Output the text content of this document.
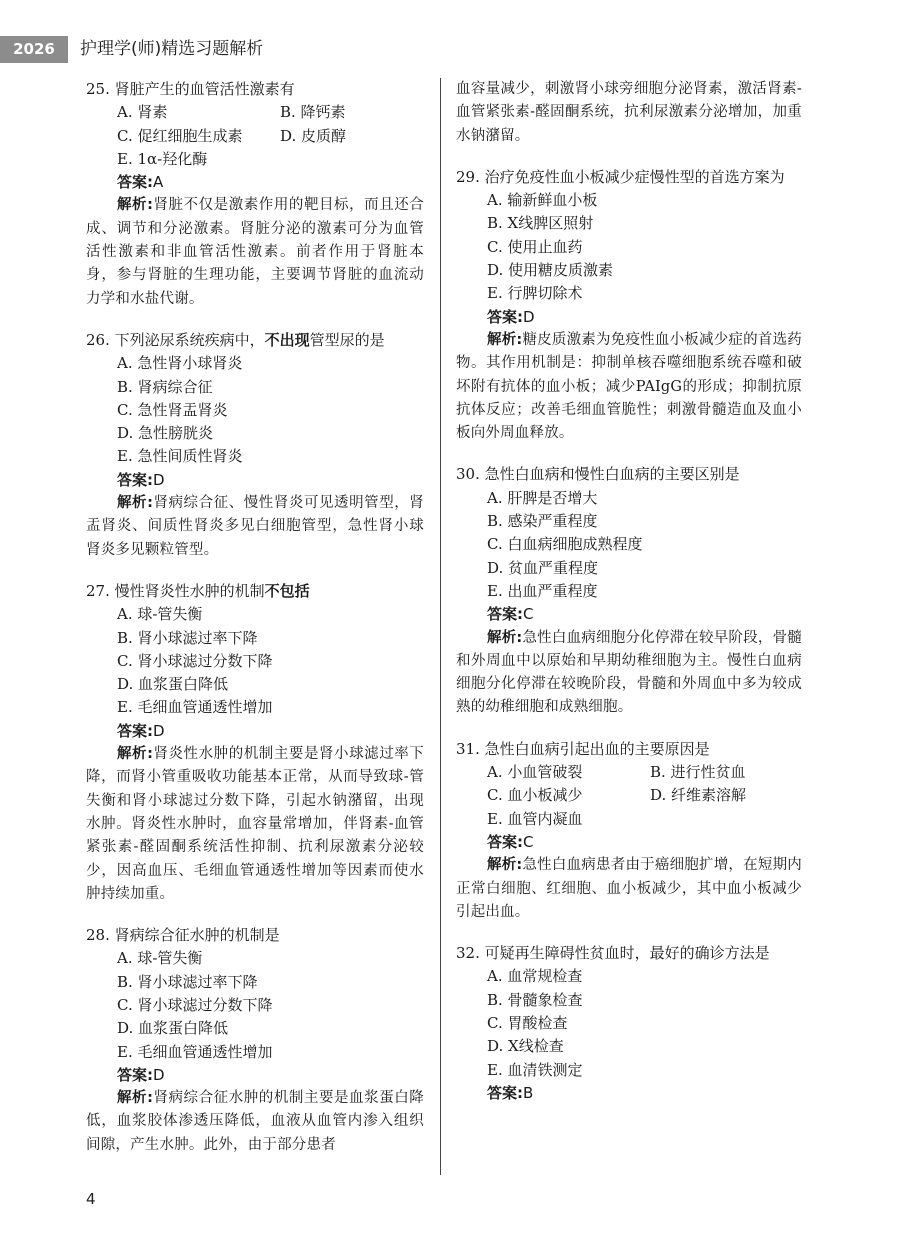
2026	护理学(师)精选习题解析
25. 肾脏产生的血管活性激素有
A. 肾素	B. 降钙素
C. 促红细胞生成素	D. 皮质醇
E. 1α-羟化酶
答案:A
解析:肾脏不仅是激素作用的靶目标，而且还合成、调节和分泌激素。肾脏分泌的激素可分为血管活性激素和非血管活性激素。前者作用于肾脏本身，参与肾脏的生理功能，主要调节肾脏的血流动力学和水盐代谢。
26. 下列泌尿系统疾病中，不出现管型尿的是
A. 急性肾小球肾炎
B. 肾病综合征
C. 急性肾盂肾炎
D. 急性膀胱炎
E. 急性间质性肾炎
答案:D
解析:肾病综合征、慢性肾炎可见透明管型，肾盂肾炎、间质性肾炎多见白细胞管型，急性肾小球肾炎多见颗粒管型。
27. 慢性肾炎性水肿的机制不包括
A. 球-管失衡
B. 肾小球滤过率下降
C. 肾小球滤过分数下降
D. 血浆蛋白降低
E. 毛细血管通透性增加
答案:D
解析:肾炎性水肿的机制主要是肾小球滤过率下降，而肾小管重吸收功能基本正常，从而导致球-管失衡和肾小球滤过分数下降，引起水钠潴留，出现水肿。肾炎性水肿时，血容量常增加，伴肾素-血管紧张素-醛固酮系统活性抑制、抗利尿激素分泌较少，因高血压、毛细血管通透性增加等因素而使水肿持续加重。
28. 肾病综合征水肿的机制是
A. 球-管失衡
B. 肾小球滤过率下降
C. 肾小球滤过分数下降
D. 血浆蛋白降低
E. 毛细血管通透性增加
答案:D
解析:肾病综合征水肿的机制主要是血浆蛋白降低，血浆胶体渗透压降低，血液从血管内渗入组织间隙，产生水肿。此外，由于部分患者
血容量减少，刺激肾小球旁细胞分泌肾素，激活肾素-血管紧张素-醛固酮系统，抗利尿激素分泌增加，加重水钠潴留。
29. 治疗免疫性血小板减少症慢性型的首选方案为
A. 输新鲜血小板
B. X线脾区照射
C. 使用止血药
D. 使用糖皮质激素
E. 行脾切除术
答案:D
解析:糖皮质激素为免疫性血小板减少症的首选药物。其作用机制是：抑制单核吞噬细胞系统吞噬和破坏附有抗体的血小板；减少PAIgG的形成；抑制抗原抗体反应；改善毛细血管脆性；刺激骨髓造血及血小板向外周血释放。
30. 急性白血病和慢性白血病的主要区别是
A. 肝脾是否增大
B. 感染严重程度
C. 白血病细胞成熟程度
D. 贫血严重程度
E. 出血严重程度
答案:C
解析:急性白血病细胞分化停滞在较早阶段，骨髓和外周血中以原始和早期幼稚细胞为主。慢性白血病细胞分化停滞在较晚阶段，骨髓和外周血中多为较成熟的幼稚细胞和成熟细胞。
31. 急性白血病引起出血的主要原因是
A. 小血管破裂	B. 进行性贫血
C. 血小板减少	D. 纤维素溶解
E. 血管内凝血
答案:C
解析:急性白血病患者由于癌细胞扩增，在短期内正常白细胞、红细胞、血小板减少，其中血小板减少引起出血。
32. 可疑再生障碍性贫血时，最好的确诊方法是
A. 血常规检查
B. 骨髓象检查
C. 胃酸检查
D. X线检查
E. 血清铁测定
答案:B
4
